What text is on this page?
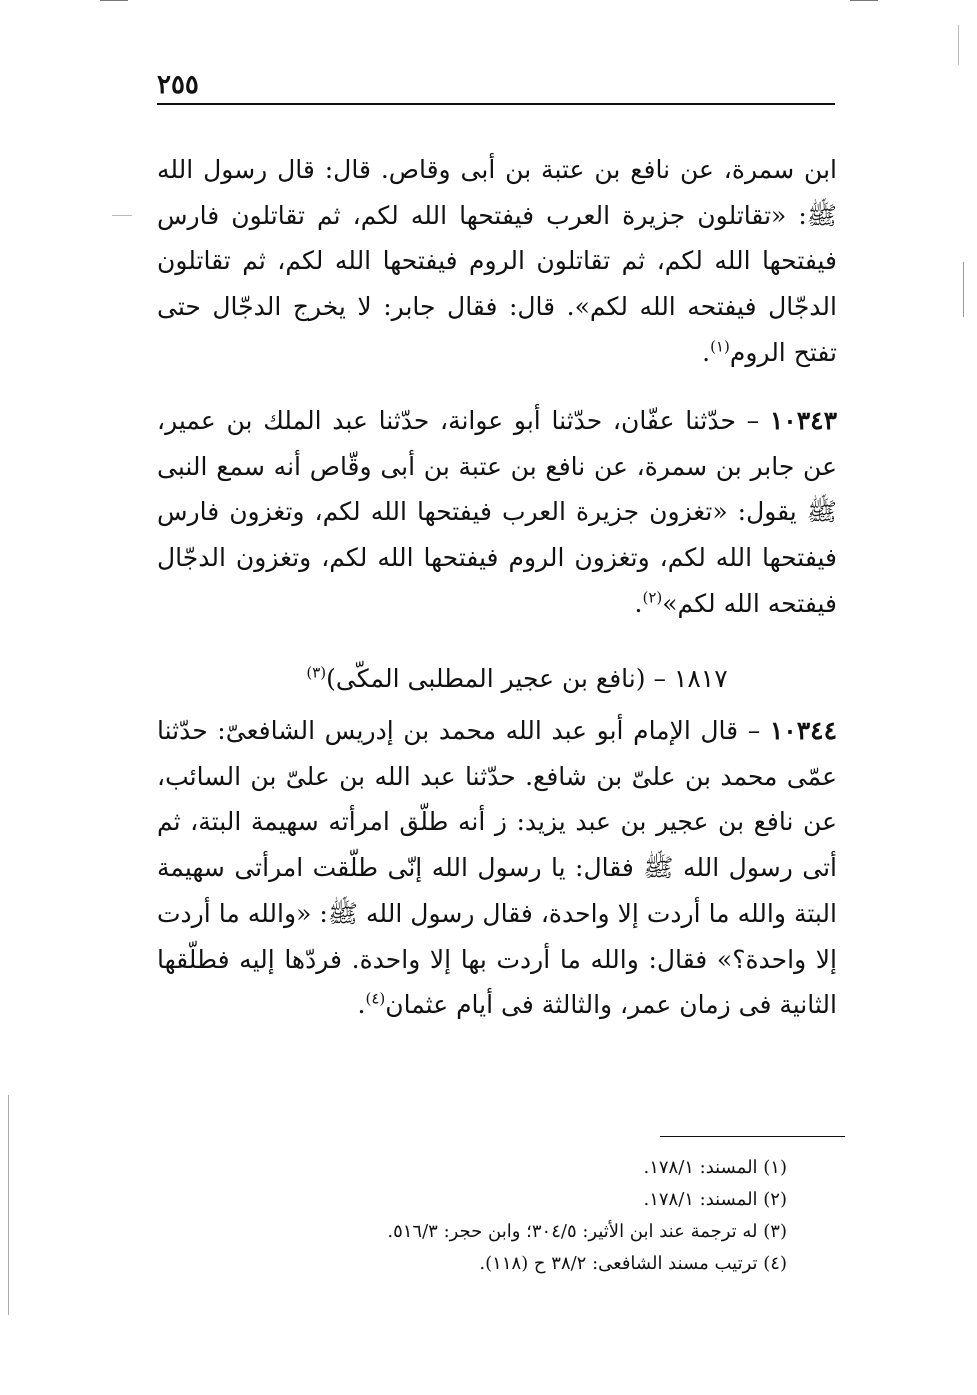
٢٥٥

ابن سمرة، عن نافع بن عتبة بن أبى وقاص. قال: قال رسول الله ﷺ: «تقاتلون جزيرة العرب فيفتحها الله لكم، ثم تقاتلون فارس فيفتحها الله لكم، ثم تقاتلون الروم فيفتحها الله لكم، ثم تقاتلون الدجّال فيفتحه الله لكم». قال: فقال جابر: لا يخرج الدجّال حتى تفتح الروم$^{(١)}$.

١٠٣٤٣ – حدّثنا عفّان، حدّثنا أبو عوانة، حدّثنا عبد الملك بن عمير، عن جابر بن سمرة، عن نافع بن عتبة بن أبى وقّاص أنه سمع النبى ﷺ يقول: «تغزون جزيرة العرب فيفتحها الله لكم، وتغزون فارس فيفتحها الله لكم، وتغزون الروم فيفتحها الله لكم، وتغزون الدجّال فيفتحه الله لكم»$^{(٢)}$.

١٨١٧ – (نافع بن عجير المطلبى المكّى)$^{(٣)}$

١٠٣٤٤ – قال الإمام أبو عبد الله محمد بن إدريس الشافعىّ: حدّثنا عمّى محمد بن علىّ بن شافع. حدّثنا عبد الله بن علىّ بن السائب، عن نافع بن عجير بن عبد يزيد: ز أنه طلّق امرأته سهيمة البتة، ثم أتى رسول الله ﷺ فقال: يا رسول الله إنّى طلّقت امرأتى سهيمة البتة والله ما أردت إلا واحدة، فقال رسول الله ﷺ: «والله ما أردت إلا واحدة؟» فقال: والله ما أردت بها إلا واحدة. فردّها إليه فطلّقها الثانية فى زمان عمر، والثالثة فى أيام عثمان$^{(٤)}$.

(١) المسند: ١٧٨/١.
(٢) المسند: ١٧٨/١.
(٣) له ترجمة عند ابن الأثير: ٣٠٤/٥؛ وابن حجر: ٥١٦/٣.
(٤) ترتيب مسند الشافعى: ٣٨/٢ ح (١١٨).
